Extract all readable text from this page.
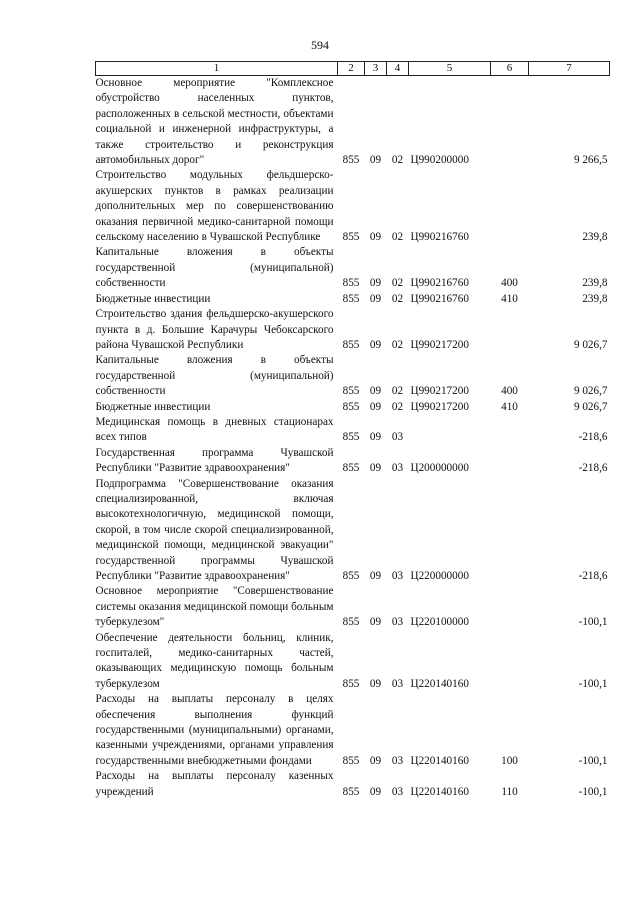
594
1	2	3	4	5	6	7
Основное мероприятие "Комплексное обустройство населенных пунктов, расположенных в сельской местности, объектами социальной и инженерной инфраструктуры, а также строительство и реконструкция автомобильных дорог"	855	09	02	Ц990200000		9 266,5
Строительство модульных фельдшерско-акушерских пунктов в рамках реализации дополнительных мер по совершенствованию оказания первичной медико-санитарной помощи сельскому населению в Чувашской Республике	855	09	02	Ц990216760		239,8
Капитальные вложения в объекты государственной (муниципальной) собственности	855	09	02	Ц990216760	400	239,8
Бюджетные инвестиции	855	09	02	Ц990216760	410	239,8
Строительство здания фельдшерско-акушерского пункта в д. Большие Карачуры Чебоксарского района Чувашской Республики	855	09	02	Ц990217200		9 026,7
Капитальные вложения в объекты государственной (муниципальной) собственности	855	09	02	Ц990217200	400	9 026,7
Бюджетные инвестиции	855	09	02	Ц990217200	410	9 026,7
Медицинская помощь в дневных стационарах всех типов	855	09	03			-218,6
Государственная программа Чувашской Республики "Развитие здравоохранения"	855	09	03	Ц200000000		-218,6
Подпрограмма "Совершенствование оказания специализированной, включая высокотехнологичную, медицинской помощи, скорой, в том числе скорой специализированной, медицинской помощи, медицинской эвакуации" государственной программы Чувашской Республики "Развитие здравоохранения"	855	09	03	Ц220000000		-218,6
Основное мероприятие "Совершенствование системы оказания медицинской помощи больным туберкулезом"	855	09	03	Ц220100000		-100,1
Обеспечение деятельности больниц, клиник, госпиталей, медико-санитарных частей, оказывающих медицинскую помощь больным туберкулезом	855	09	03	Ц220140160		-100,1
Расходы на выплаты персоналу в целях обеспечения выполнения функций государственными (муниципальными) органами, казенными учреждениями, органами управления государственными внебюджетными фондами	855	09	03	Ц220140160	100	-100,1
Расходы на выплаты персоналу казенных учреждений	855	09	03	Ц220140160	110	-100,1
